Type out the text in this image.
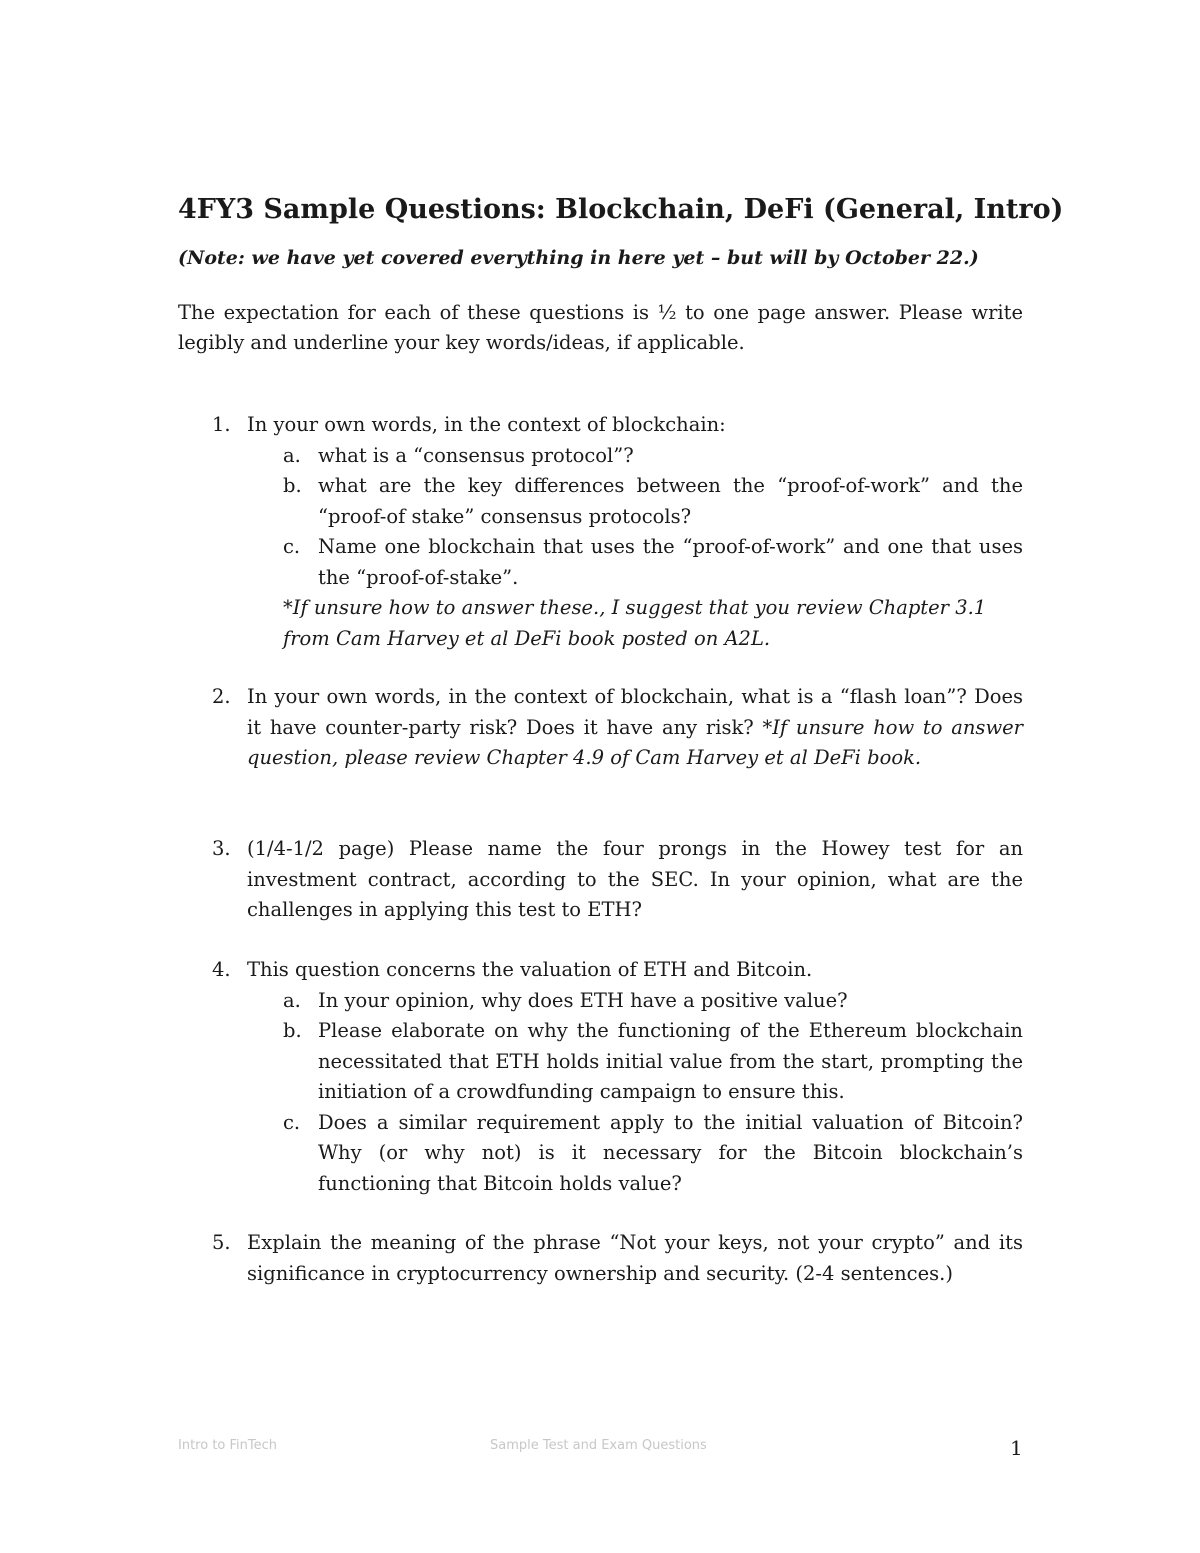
4FY3 Sample Questions: Blockchain, DeFi (General, Intro)
(Note: we have yet covered everything in here yet – but will by October 22.)
The expectation for each of these questions is ½ to one page answer. Please write legibly and underline your key words/ideas, if applicable.
1. In your own words, in the context of blockchain:
a. what is a “consensus protocol”?
b. what are the key differences between the “proof-of-work” and the “proof-of stake” consensus protocols?
c. Name one blockchain that uses the “proof-of-work” and one that uses the “proof-of-stake”.
*If unsure how to answer these., I suggest that you review Chapter 3.1 from Cam Harvey et al DeFi book posted on A2L.
2. In your own words, in the context of blockchain, what is a “flash loan”? Does it have counter-party risk? Does it have any risk? *If unsure how to answer question, please review Chapter 4.9 of Cam Harvey et al DeFi book.
3. (1/4-1/2 page) Please name the four prongs in the Howey test for an investment contract, according to the SEC. In your opinion, what are the challenges in applying this test to ETH?
4. This question concerns the valuation of ETH and Bitcoin.
a. In your opinion, why does ETH have a positive value?
b. Please elaborate on why the functioning of the Ethereum blockchain necessitated that ETH holds initial value from the start, prompting the initiation of a crowdfunding campaign to ensure this.
c. Does a similar requirement apply to the initial valuation of Bitcoin? Why (or why not) is it necessary for the Bitcoin blockchain’s functioning that Bitcoin holds value?
5. Explain the meaning of the phrase “Not your keys, not your crypto” and its significance in cryptocurrency ownership and security. (2-4 sentences.)
Intro to FinTech	Sample Test and Exam Questions	1
